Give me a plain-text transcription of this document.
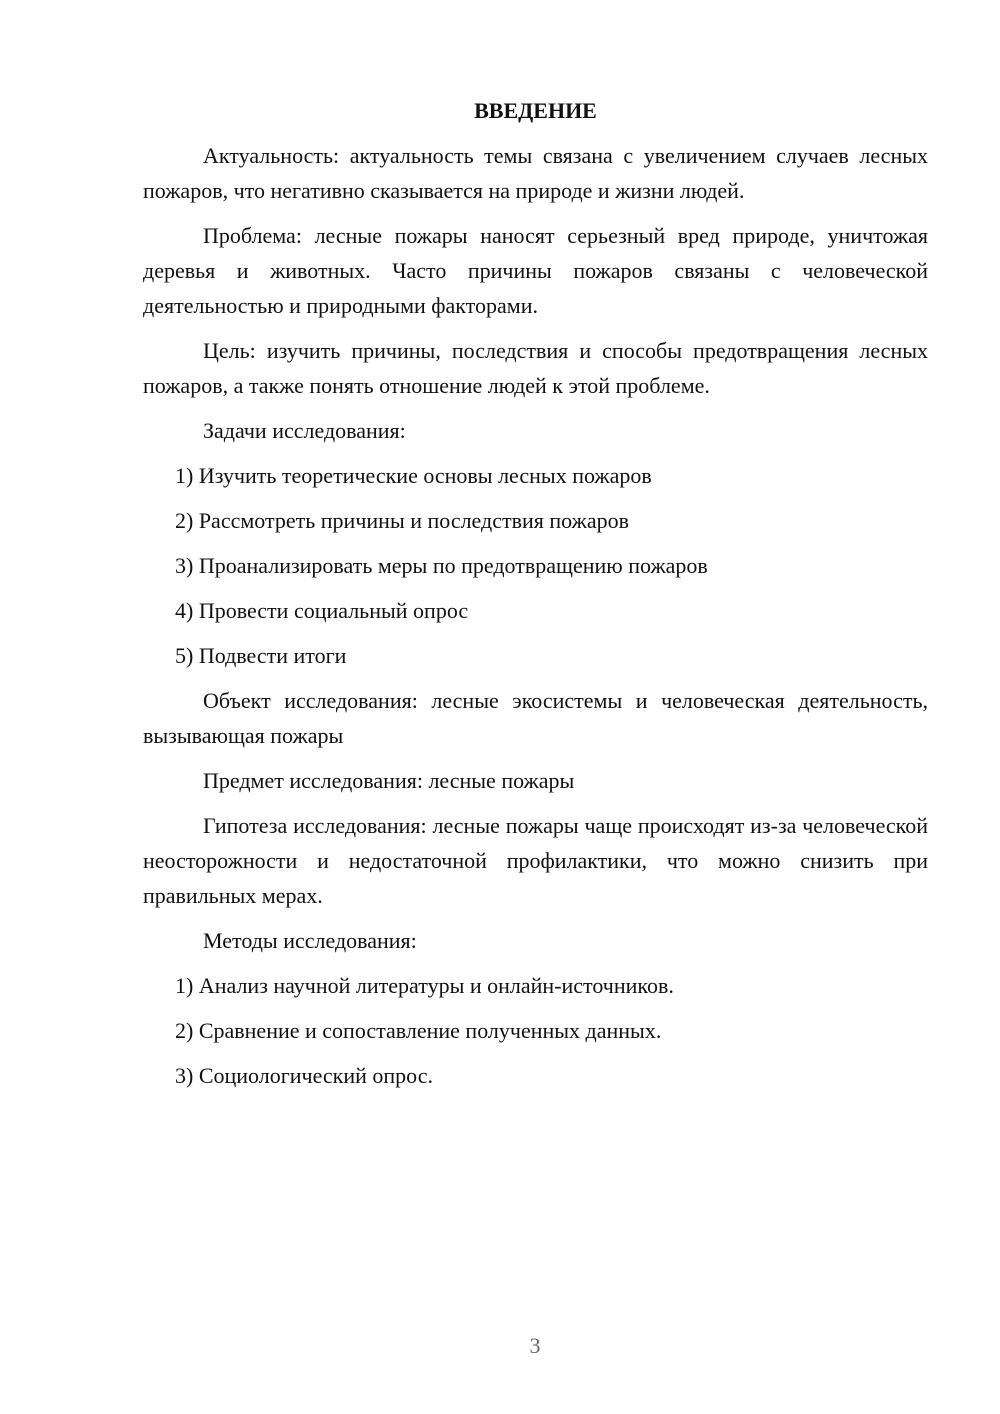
ВВЕДЕНИЕ

Актуальность: актуальность темы связана с увеличением случаев лесных пожаров, что негативно сказывается на природе и жизни людей.

Проблема: лесные пожары наносят серьезный вред природе, уничтожая деревья и животных. Часто причины пожаров связаны с человеческой деятельностью и природными факторами.

Цель: изучить причины, последствия и способы предотвращения лесных пожаров, а также понять отношение людей к этой проблеме.

Задачи исследования:

1) Изучить теоретические основы лесных пожаров

2) Рассмотреть причины и последствия пожаров

3) Проанализировать меры по предотвращению пожаров

4) Провести социальный опрос

5) Подвести итоги

Объект исследования: лесные экосистемы и человеческая деятельность, вызывающая пожары

Предмет исследования: лесные пожары

Гипотеза исследования: лесные пожары чаще происходят из-за человеческой неосторожности и недостаточной профилактики, что можно снизить при правильных мерах.

Методы исследования:

1) Анализ научной литературы и онлайн-источников.

2) Сравнение и сопоставление полученных данных.

3) Социологический опрос.

3
